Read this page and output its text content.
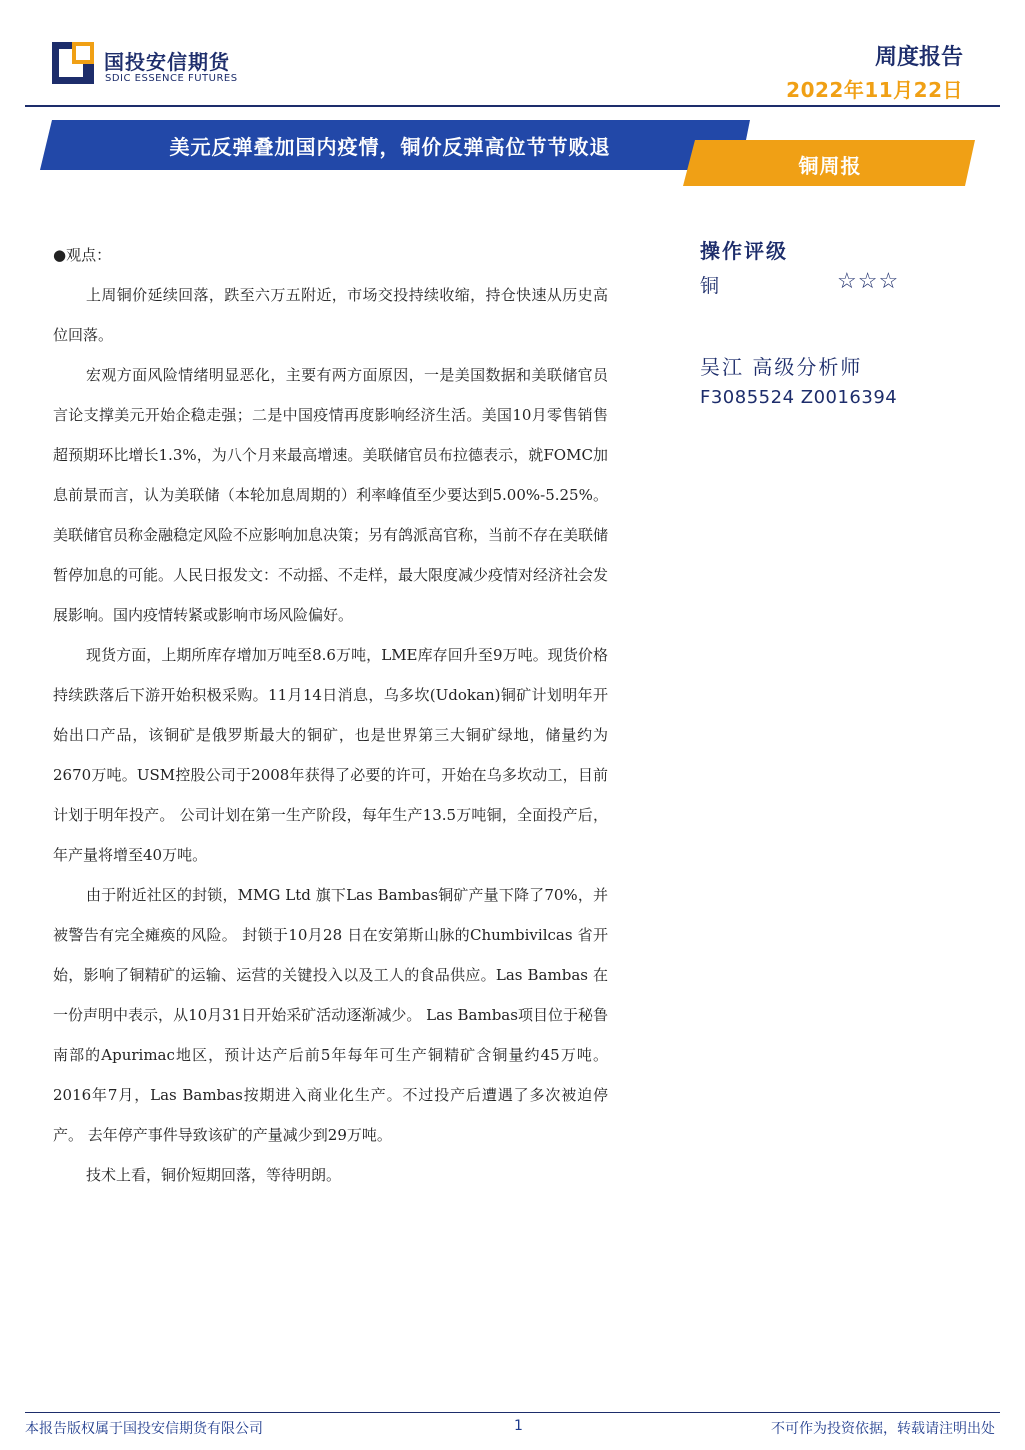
国投安信期货
SDIC ESSENCE FUTURES
周度报告
2022年11月22日
美元反弹叠加国内疫情，铜价反弹高位节节败退
铜周报

●观点：

上周铜价延续回落，跌至六万五附近，市场交投持续收缩，持仓快速从历史高位回落。

宏观方面风险情绪明显恶化，主要有两方面原因，一是美国数据和美联储官员言论支撑美元开始企稳走强；二是中国疫情再度影响经济生活。美国10月零售销售超预期环比增长1.3%，为八个月来最高增速。美联储官员布拉德表示，就FOMC加息前景而言，认为美联储（本轮加息周期的）利率峰值至少要达到5.00%-5.25%。美联储官员称金融稳定风险不应影响加息决策；另有鸽派高官称，当前不存在美联储暂停加息的可能。人民日报发文：不动摇、不走样，最大限度减少疫情对经济社会发展影响。国内疫情转紧或影响市场风险偏好。

现货方面，上期所库存增加万吨至8.6万吨，LME库存回升至9万吨。现货价格持续跌落后下游开始积极采购。11月14日消息，乌多坎(Udokan)铜矿计划明年开始出口产品，该铜矿是俄罗斯最大的铜矿，也是世界第三大铜矿绿地，储量约为2670万吨。USM控股公司于2008年获得了必要的许可，开始在乌多坎动工，目前计划于明年投产。 公司计划在第一生产阶段，每年生产13.5万吨铜，全面投产后，年产量将增至40万吨。

由于附近社区的封锁，MMG Ltd 旗下Las Bambas铜矿产量下降了70%，并被警告有完全瘫痪的风险。 封锁于10月28 日在安第斯山脉的Chumbivilcas 省开始，影响了铜精矿的运输、运营的关键投入以及工人的食品供应。Las Bambas 在一份声明中表示，从10月31日开始采矿活动逐渐减少。 Las Bambas项目位于秘鲁南部的Apurimac地区，预计达产后前5年每年可生产铜精矿含铜量约45万吨。2016年7月，Las Bambas按期进入商业化生产。不过投产后遭遇了多次被迫停产。 去年停产事件导致该矿的产量减少到29万吨。

技术上看，铜价短期回落，等待明朗。

操作评级
铜	☆☆☆
吴江 高级分析师
F3085524 Z0016394
本报告版权属于国投安信期货有限公司	1	不可作为投资依据，转载请注明出处
